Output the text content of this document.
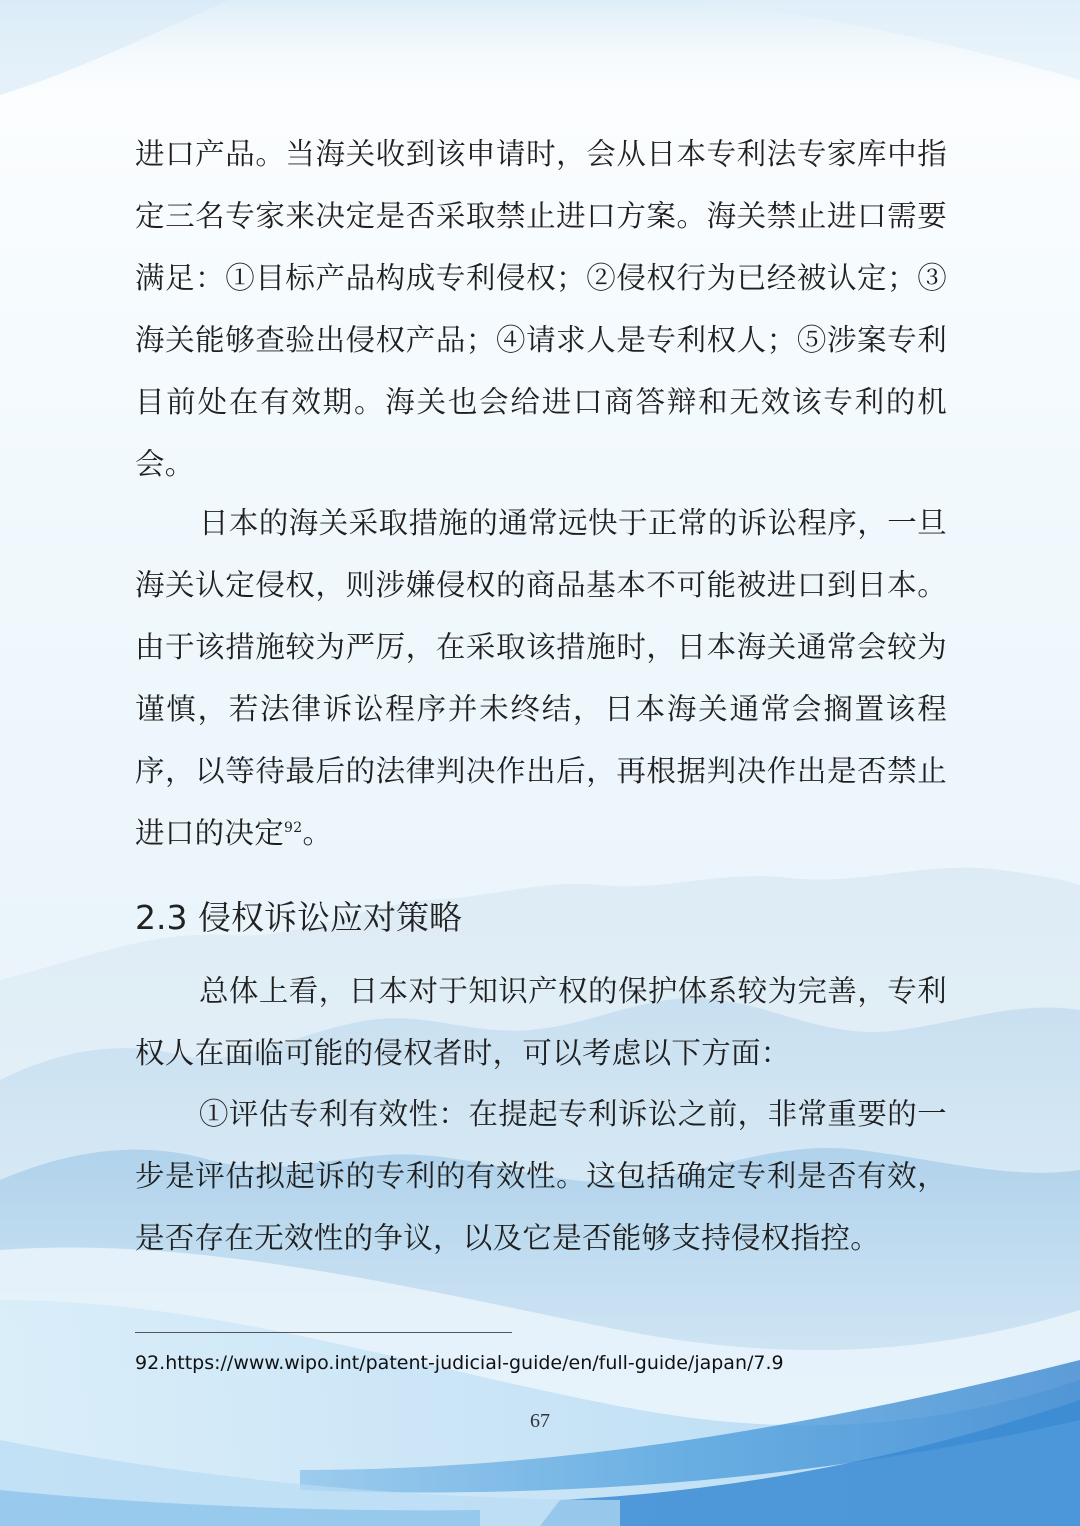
进口产品。当海关收到该申请时，会从日本专利法专家库中指定三名专家来决定是否采取禁止进口方案。海关禁止进口需要满足：①目标产品构成专利侵权；②侵权行为已经被认定；③海关能够查验出侵权产品；④请求人是专利权人；⑤涉案专利目前处在有效期。海关也会给进口商答辩和无效该专利的机会。

日本的海关采取措施的通常远快于正常的诉讼程序，一旦海关认定侵权，则涉嫌侵权的商品基本不可能被进口到日本。由于该措施较为严厉，在采取该措施时，日本海关通常会较为谨慎，若法律诉讼程序并未终结，日本海关通常会搁置该程序，以等待最后的法律判决作出后，再根据判决作出是否禁止进口的决定$^{92}$。

2.3 侵权诉讼应对策略

总体上看，日本对于知识产权的保护体系较为完善，专利权人在面临可能的侵权者时，可以考虑以下方面：

①评估专利有效性：在提起专利诉讼之前，非常重要的一步是评估拟起诉的专利的有效性。这包括确定专利是否有效，是否存在无效性的争议，以及它是否能够支持侵权指控。

92.https://www.wipo.int/patent-judicial-guide/en/full-guide/japan/7.9
67
